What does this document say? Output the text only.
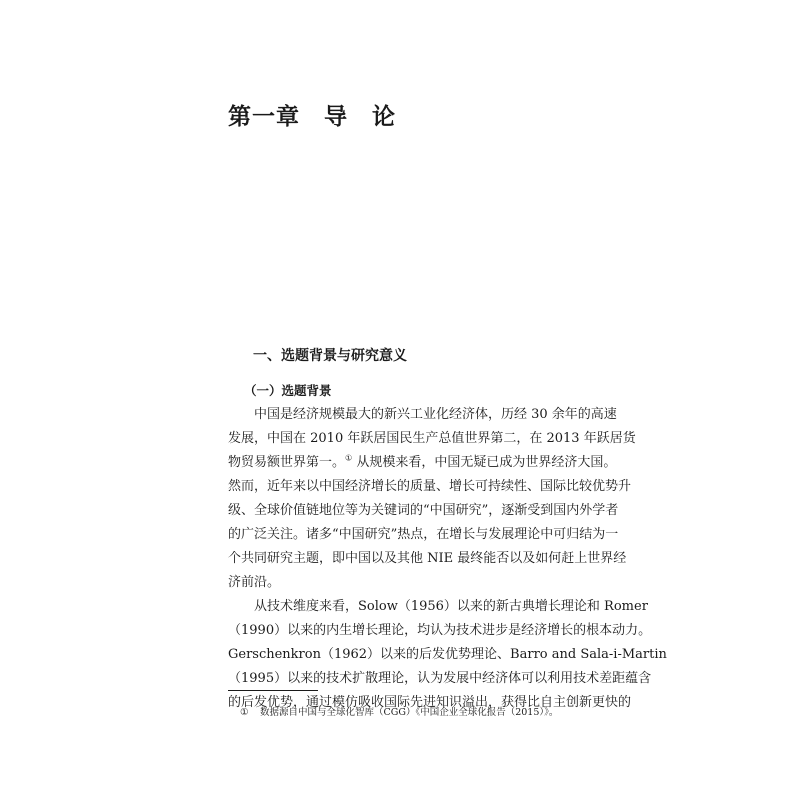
第一章　导　论
一、选题背景与研究意义
（一）选题背景

中国是经济规模最大的新兴工业化经济体，历经 30 余年的高速
发展，中国在 2010 年跃居国民生产总值世界第二，在 2013 年跃居货
物贸易额世界第一。① 从规模来看，中国无疑已成为世界经济大国。
然而，近年来以中国经济增长的质量、增长可持续性、国际比较优势升
级、全球价值链地位等为关键词的“中国研究”，逐渐受到国内外学者
的广泛关注。诸多“中国研究”热点，在增长与发展理论中可归结为一
个共同研究主题，即中国以及其他 NIE 最终能否以及如何赶上世界经
济前沿。

从技术维度来看，Solow（1956）以来的新古典增长理论和 Romer
（1990）以来的内生增长理论，均认为技术进步是经济增长的根本动力。
Gerschenkron（1962）以来的后发优势理论、Barro and Sala-i-Martin
（1995）以来的技术扩散理论，认为发展中经济体可以利用技术差距蕴含
的后发优势，通过模仿吸收国际先进知识溢出，获得比自主创新更快的

① 数据源自中国与全球化智库（CGG）《中国企业全球化报告（2015）》。
